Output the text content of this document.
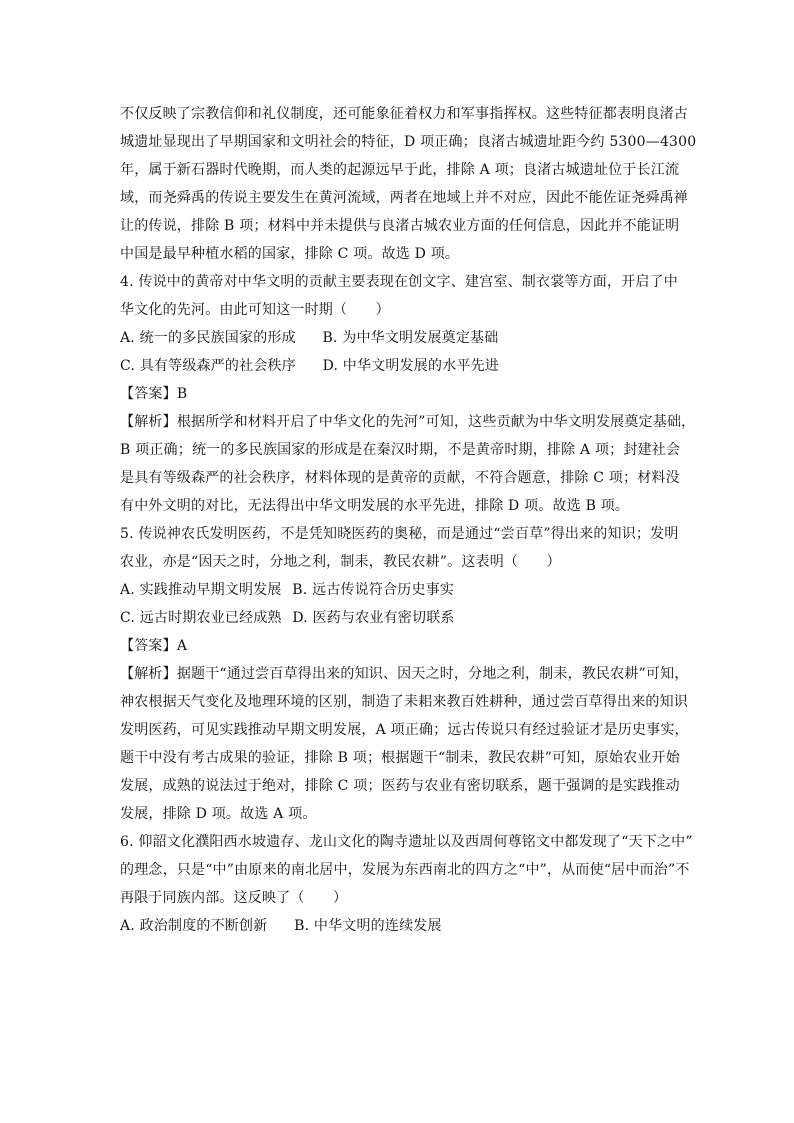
不仅反映了宗教信仰和礼仪制度，还可能象征着权力和军事指挥权。这些特征都表明良渚古
城遗址显现出了早期国家和文明社会的特征，D 项正确；良渚古城遗址距今约 5300—4300
年，属于新石器时代晚期，而人类的起源远早于此，排除 A 项；良渚古城遗址位于长江流
域，而尧舜禹的传说主要发生在黄河流域，两者在地域上并不对应，因此不能佐证尧舜禹禅
让的传说，排除 B 项；材料中并未提供与良渚古城农业方面的任何信息，因此并不能证明
中国是最早种植水稻的国家，排除 C 项。故选 D 项。
4. 传说中的黄帝对中华文明的贡献主要表现在创文字、建宫室、制衣裳等方面，开启了中
华文化的先河。由此可知这一时期（　　）
A. 统一的多民族国家的形成 B. 为中华文明发展奠定基础
C. 具有等级森严的社会秩序 D. 中华文明发展的水平先进
【答案】B
【解析】根据所学和材料开启了中华文化的先河”可知，这些贡献为中华文明发展奠定基础，
B 项正确；统一的多民族国家的形成是在秦汉时期，不是黄帝时期，排除 A 项；封建社会
是具有等级森严的社会秩序，材料体现的是黄帝的贡献，不符合题意，排除 C 项；材料没
有中外文明的对比，无法得出中华文明发展的水平先进，排除 D 项。故选 B 项。
5. 传说神农氏发明医药，不是凭知晓医药的奥秘，而是通过“尝百草”得出来的知识；发明
农业，亦是“因天之时，分地之利，制耒，教民农耕”。这表明（　　）
A. 实践推动早期文明发展 B. 远古传说符合历史事实
C. 远古时期农业已经成熟 D. 医药与农业有密切联系
【答案】A
【解析】据题干“通过尝百草得出来的知识、因天之时，分地之利，制耒，教民农耕”可知，
神农根据天气变化及地理环境的区别，制造了耒耜来教百姓耕种，通过尝百草得出来的知识
发明医药，可见实践推动早期文明发展，A 项正确；远古传说只有经过验证才是历史事实，
题干中没有考古成果的验证，排除 B 项；根据题干“制耒，教民农耕”可知，原始农业开始
发展，成熟的说法过于绝对，排除 C 项；医药与农业有密切联系，题干强调的是实践推动
发展，排除 D 项。故选 A 项。
6. 仰韶文化濮阳西水坡遗存、龙山文化的陶寺遗址以及西周何尊铭文中都发现了“天下之中”
的理念，只是“中”由原来的南北居中，发展为东西南北的四方之“中”，从而使“居中而治”不
再限于同族内部。这反映了（　　）
A. 政治制度的不断创新 B. 中华文明的连续发展
